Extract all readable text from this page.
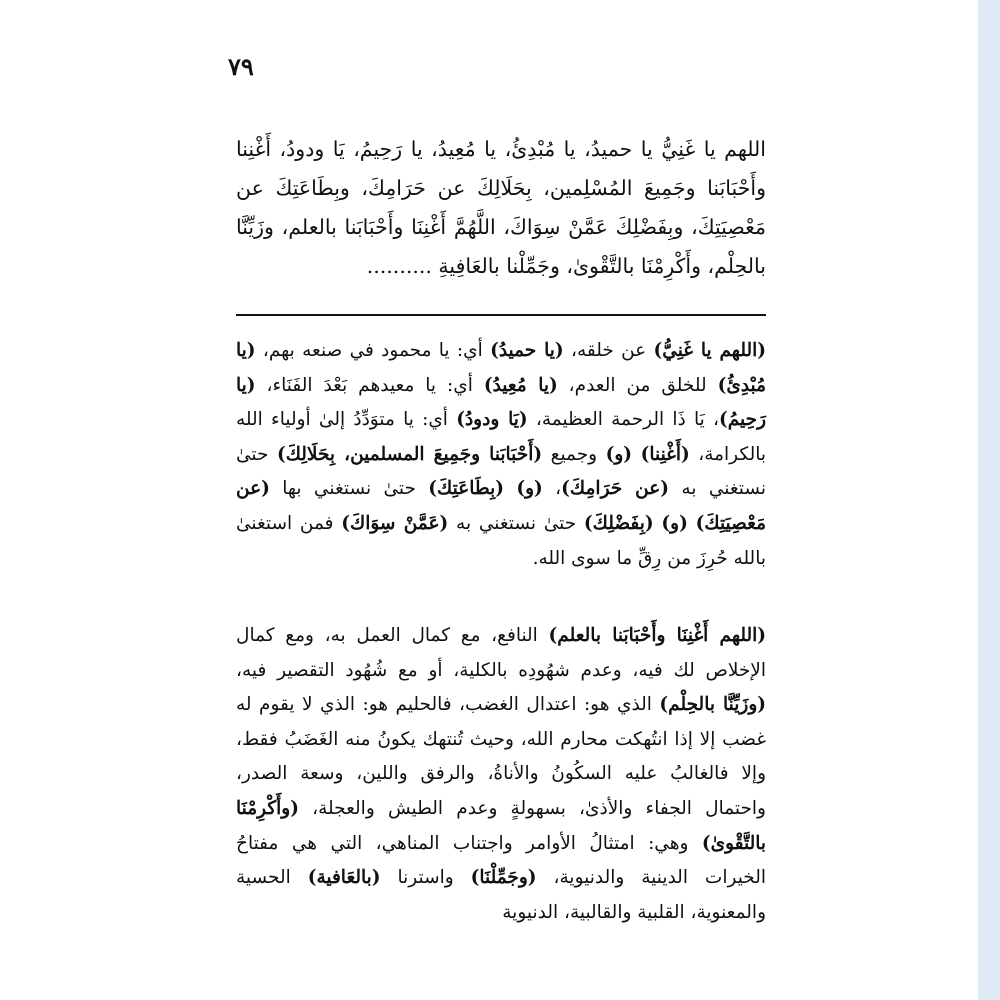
٧٩

اللهم يا غَنِيُّ يا حميدُ، يا مُبْدِئُ، يا مُعِيدُ، يا رَحِيمُ، يَا ودودُ، أَغْنِنا وأَحْبَابَنا وجَمِيعَ المُسْلِمين، بِحَلَالِكَ عن حَرَامِكَ، وبِطَاعَتِكَ عن مَعْصِيَتِكَ، وبِفَضْلِكَ عَمَّنْ سِوَاكَ، اللَّهُمَّ أَغْنِنَا وأَحْبَابَنا بالعلم، وزَيِّنَّا بالحِلْم، وأَكْرِمْنَا بالتَّقْوىٰ، وجَمِّلْنا بالعَافِيةِ ..........

(اللهم يا غَنِيُّ) عن خلقه، (يا حميدُ) أي: يا محمود في صنعه بهم، (يا مُبْدِئُ) للخلق من العدم، (يا مُعِيدُ) أي: يا معيدهم بَعْدَ الفَنَاء، (يا رَحِيمُ)، يَا ذَا الرحمة العظيمة، (يَا ودودُ) أي: يا متوَدِّدُ إلىٰ أولياء الله بالكرامة، (أَغْنِنا) (و) وجميع (أَحْبَابَنا وجَمِيعَ المسلمين، بِحَلَالِكَ) حتىٰ نستغني به (عن حَرَامِكَ)، (و) (بِطَاعَتِكَ) حتىٰ نستغني بها (عن مَعْصِيَتِكَ) (و) (بِفَضْلِكَ) حتىٰ نستغني به (عَمَّنْ سِوَاكَ) فمن استغنىٰ بالله حُرِزَ من رِقِّ ما سوى الله.

(اللهم أَغْنِنَا وأَحْبَابَنا بالعلم) النافع، مع كمال العمل به، ومع كمال الإخلاص لك فيه، وعدم شهُودِه بالكلية، أو مع شُهُود التقصير فيه، (وزَيِّنَّا بالحِلْم) الذي هو: اعتدال الغضب، فالحليم هو: الذي لا يقوم له غضب إلا إذا انتُهكت محارم الله، وحيث تُنتهك يكونُ منه الغَضَبُ فقط، وإلا فالغالبُ عليه السكُونُ والأناةُ، والرفق واللين، وسعة الصدر، واحتمال الجفاء والأذىٰ، بسهولةٍ وعدم الطيش والعجلة، (وأَكْرِمْنَا بالتَّقْوىٰ) وهي: امتثالُ الأوامر واجتناب المناهي، التي هي مفتاحُ الخيرات الدينية والدنيوية، (وجَمِّلْنَا) واسترنا (بالعَافية) الحسية والمعنوية، القلبية والقالبية، الدنيوية
